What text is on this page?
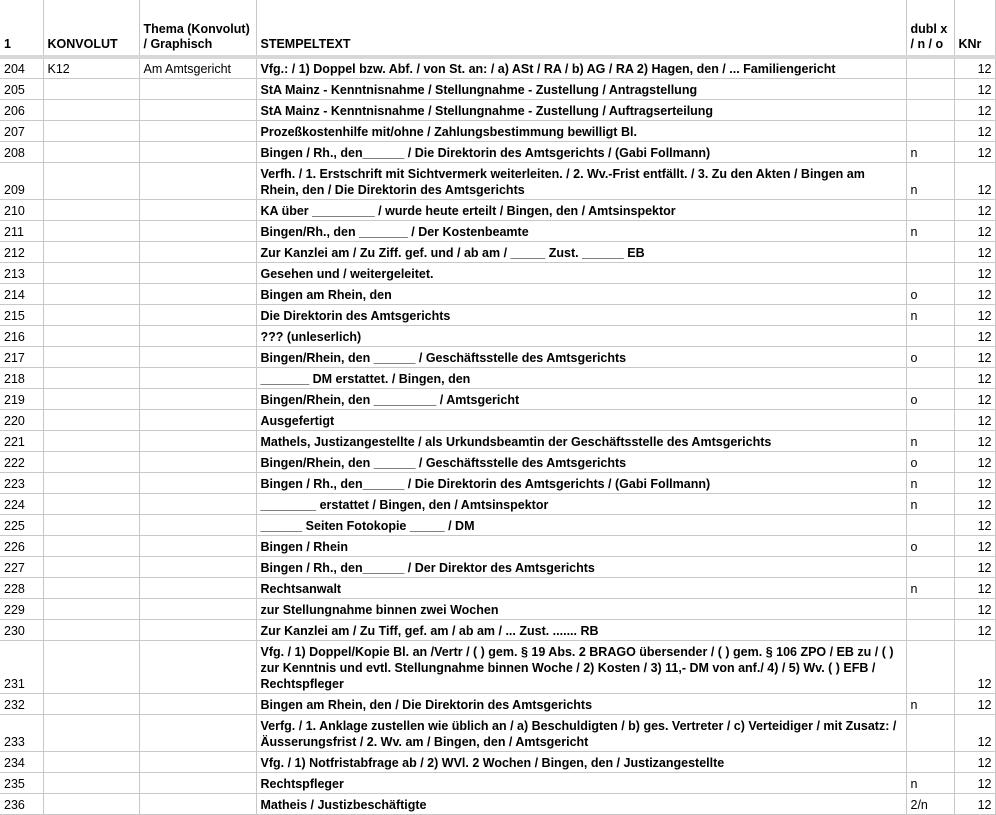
1	KONVOLUT	Thema (Konvolut) / Graphisch	STEMPELTEXT	dubl x / n / o	KNr
204	K12	Am Amtsgericht	Vfg.: / 1) Doppel bzw. Abf. / von St. an: / a) ASt / RA / b) AG / RA 2) Hagen, den / ... Familiengericht		12
205			StA Mainz - Kenntnisnahme / Stellungnahme - Zustellung / Antragstellung		12
206			StA Mainz - Kenntnisnahme / Stellungnahme - Zustellung / Auftragserteilung		12
207			Prozeßkostenhilfe mit/ohne / Zahlungsbestimmung bewilligt Bl.		12
208			Bingen / Rh., den______ / Die Direktorin des Amtsgerichts / (Gabi Follmann)	n	12
209			Verfh. / 1. Erstschrift mit Sichtvermerk weiterleiten. / 2. Wv.-Frist entfällt. / 3. Zu den Akten / Bingen am Rhein, den / Die Direktorin des Amtsgerichts	n	12
210			KA über _________ / wurde heute erteilt / Bingen, den / Amtsinspektor		12
211			Bingen/Rh., den _______ / Der Kostenbeamte	n	12
212			Zur Kanzlei am / Zu Ziff. gef. und / ab am / _____ Zust. ______ EB		12
213			Gesehen und / weitergeleitet.		12
214			Bingen am Rhein, den	o	12
215			Die Direktorin des Amtsgerichts	n	12
216			??? (unleserlich)		12
217			Bingen/Rhein, den ______ / Geschäftsstelle des Amtsgerichts	o	12
218			_______ DM erstattet. / Bingen, den		12
219			Bingen/Rhein, den _________ / Amtsgericht	o	12
220			Ausgefertigt		12
221			Mathels, Justizangestellte / als Urkundsbeamtin der Geschäftsstelle des Amtsgerichts	n	12
222			Bingen/Rhein, den ______ / Geschäftsstelle des Amtsgerichts	o	12
223			Bingen / Rh., den______ / Die Direktorin des Amtsgerichts / (Gabi Follmann)	n	12
224			________ erstattet / Bingen, den / Amtsinspektor	n	12
225			______ Seiten Fotokopie _____ / DM		12
226			Bingen / Rhein	o	12
227			Bingen / Rh., den______ / Der Direktor des Amtsgerichts		12
228			Rechtsanwalt	n	12
229			zur Stellungnahme binnen zwei Wochen		12
230			Zur Kanzlei am / Zu Tiff, gef. am / ab am / ... Zust. ....... RB		12
231			Vfg. / 1) Doppel/Kopie Bl. an /Vertr / ( ) gem. § 19 Abs. 2 BRAGO übersender / ( ) gem. § 106 ZPO / EB zu / ( ) zur Kenntnis und evtl. Stellungnahme binnen Woche / 2) Kosten / 3) 11,- DM von anf./ 4) / 5) Wv. ( ) EFB / Rechtspfleger		12
232			Bingen am Rhein, den / Die Direktorin des Amtsgerichts	n	12
233			Verfg. / 1. Anklage zustellen wie üblich an / a) Beschuldigten / b) ges. Vertreter / c) Verteidiger / mit Zusatz: / Äusserungsfrist / 2. Wv. am / Bingen, den / Amtsgericht		12
234			Vfg. / 1) Notfristabfrage ab / 2) WVl. 2 Wochen / Bingen, den / Justizangestellte		12
235			Rechtspfleger	n	12
236			Matheis / Justizbeschäftigte	2/n	12
